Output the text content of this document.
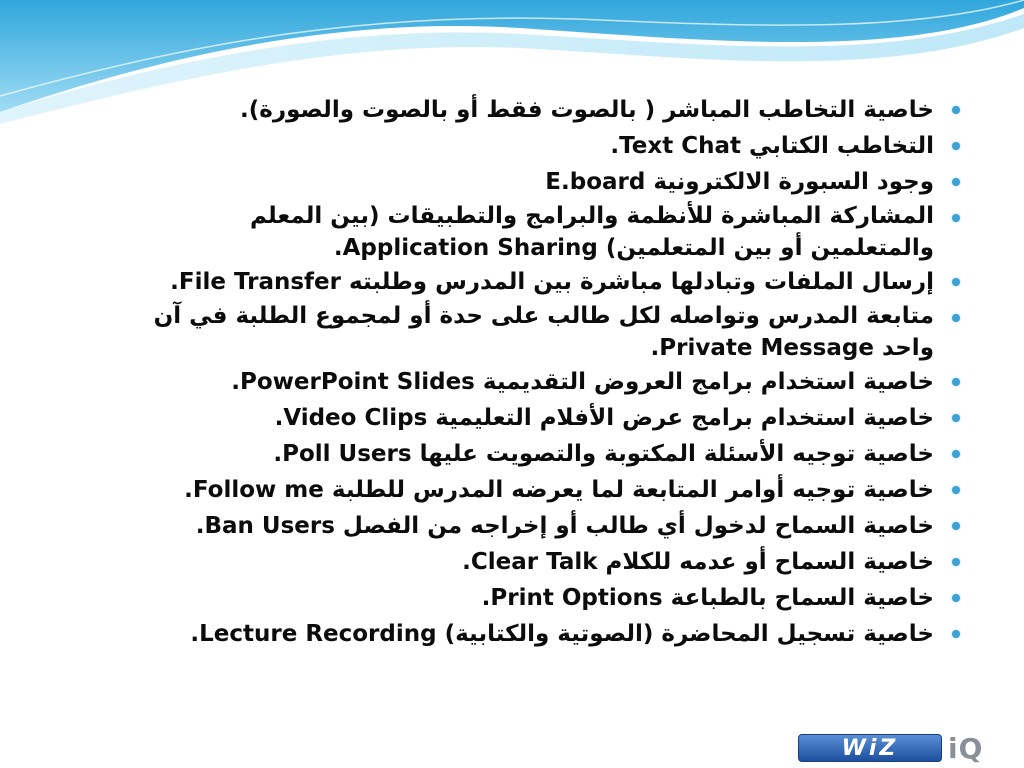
خاصية التخاطب المباشر ( بالصوت فقط أو بالصوت والصورة).
التخاطب الكتابي Text Chat.
وجود السبورة الالكترونية E.board
المشاركة المباشرة للأنظمة والبرامج والتطبيقات (بين المعلم والمتعلمين أو بين المتعلمين) Application Sharing.
إرسال الملفات وتبادلها مباشرة بين المدرس وطلبته File Transfer.
متابعة المدرس وتواصله لكل طالب على حدة أو لمجموع الطلبة في آن واحد Private Message.
خاصية استخدام برامج العروض التقديمية PowerPoint Slides.
خاصية استخدام برامج عرض الأفلام التعليمية Video Clips.
خاصية توجيه الأسئلة المكتوبة والتصويت عليها Poll Users.
خاصية توجيه أوامر المتابعة لما يعرضه المدرس للطلبة Follow me.
خاصية السماح لدخول أي طالب أو إخراجه من الفصل Ban Users.
خاصية السماح أو عدمه للكلام Clear Talk.
خاصية السماح بالطباعة Print Options.
خاصية تسجيل المحاضرة (الصوتية والكتابية) Lecture Recording.
WiZ	iQ
